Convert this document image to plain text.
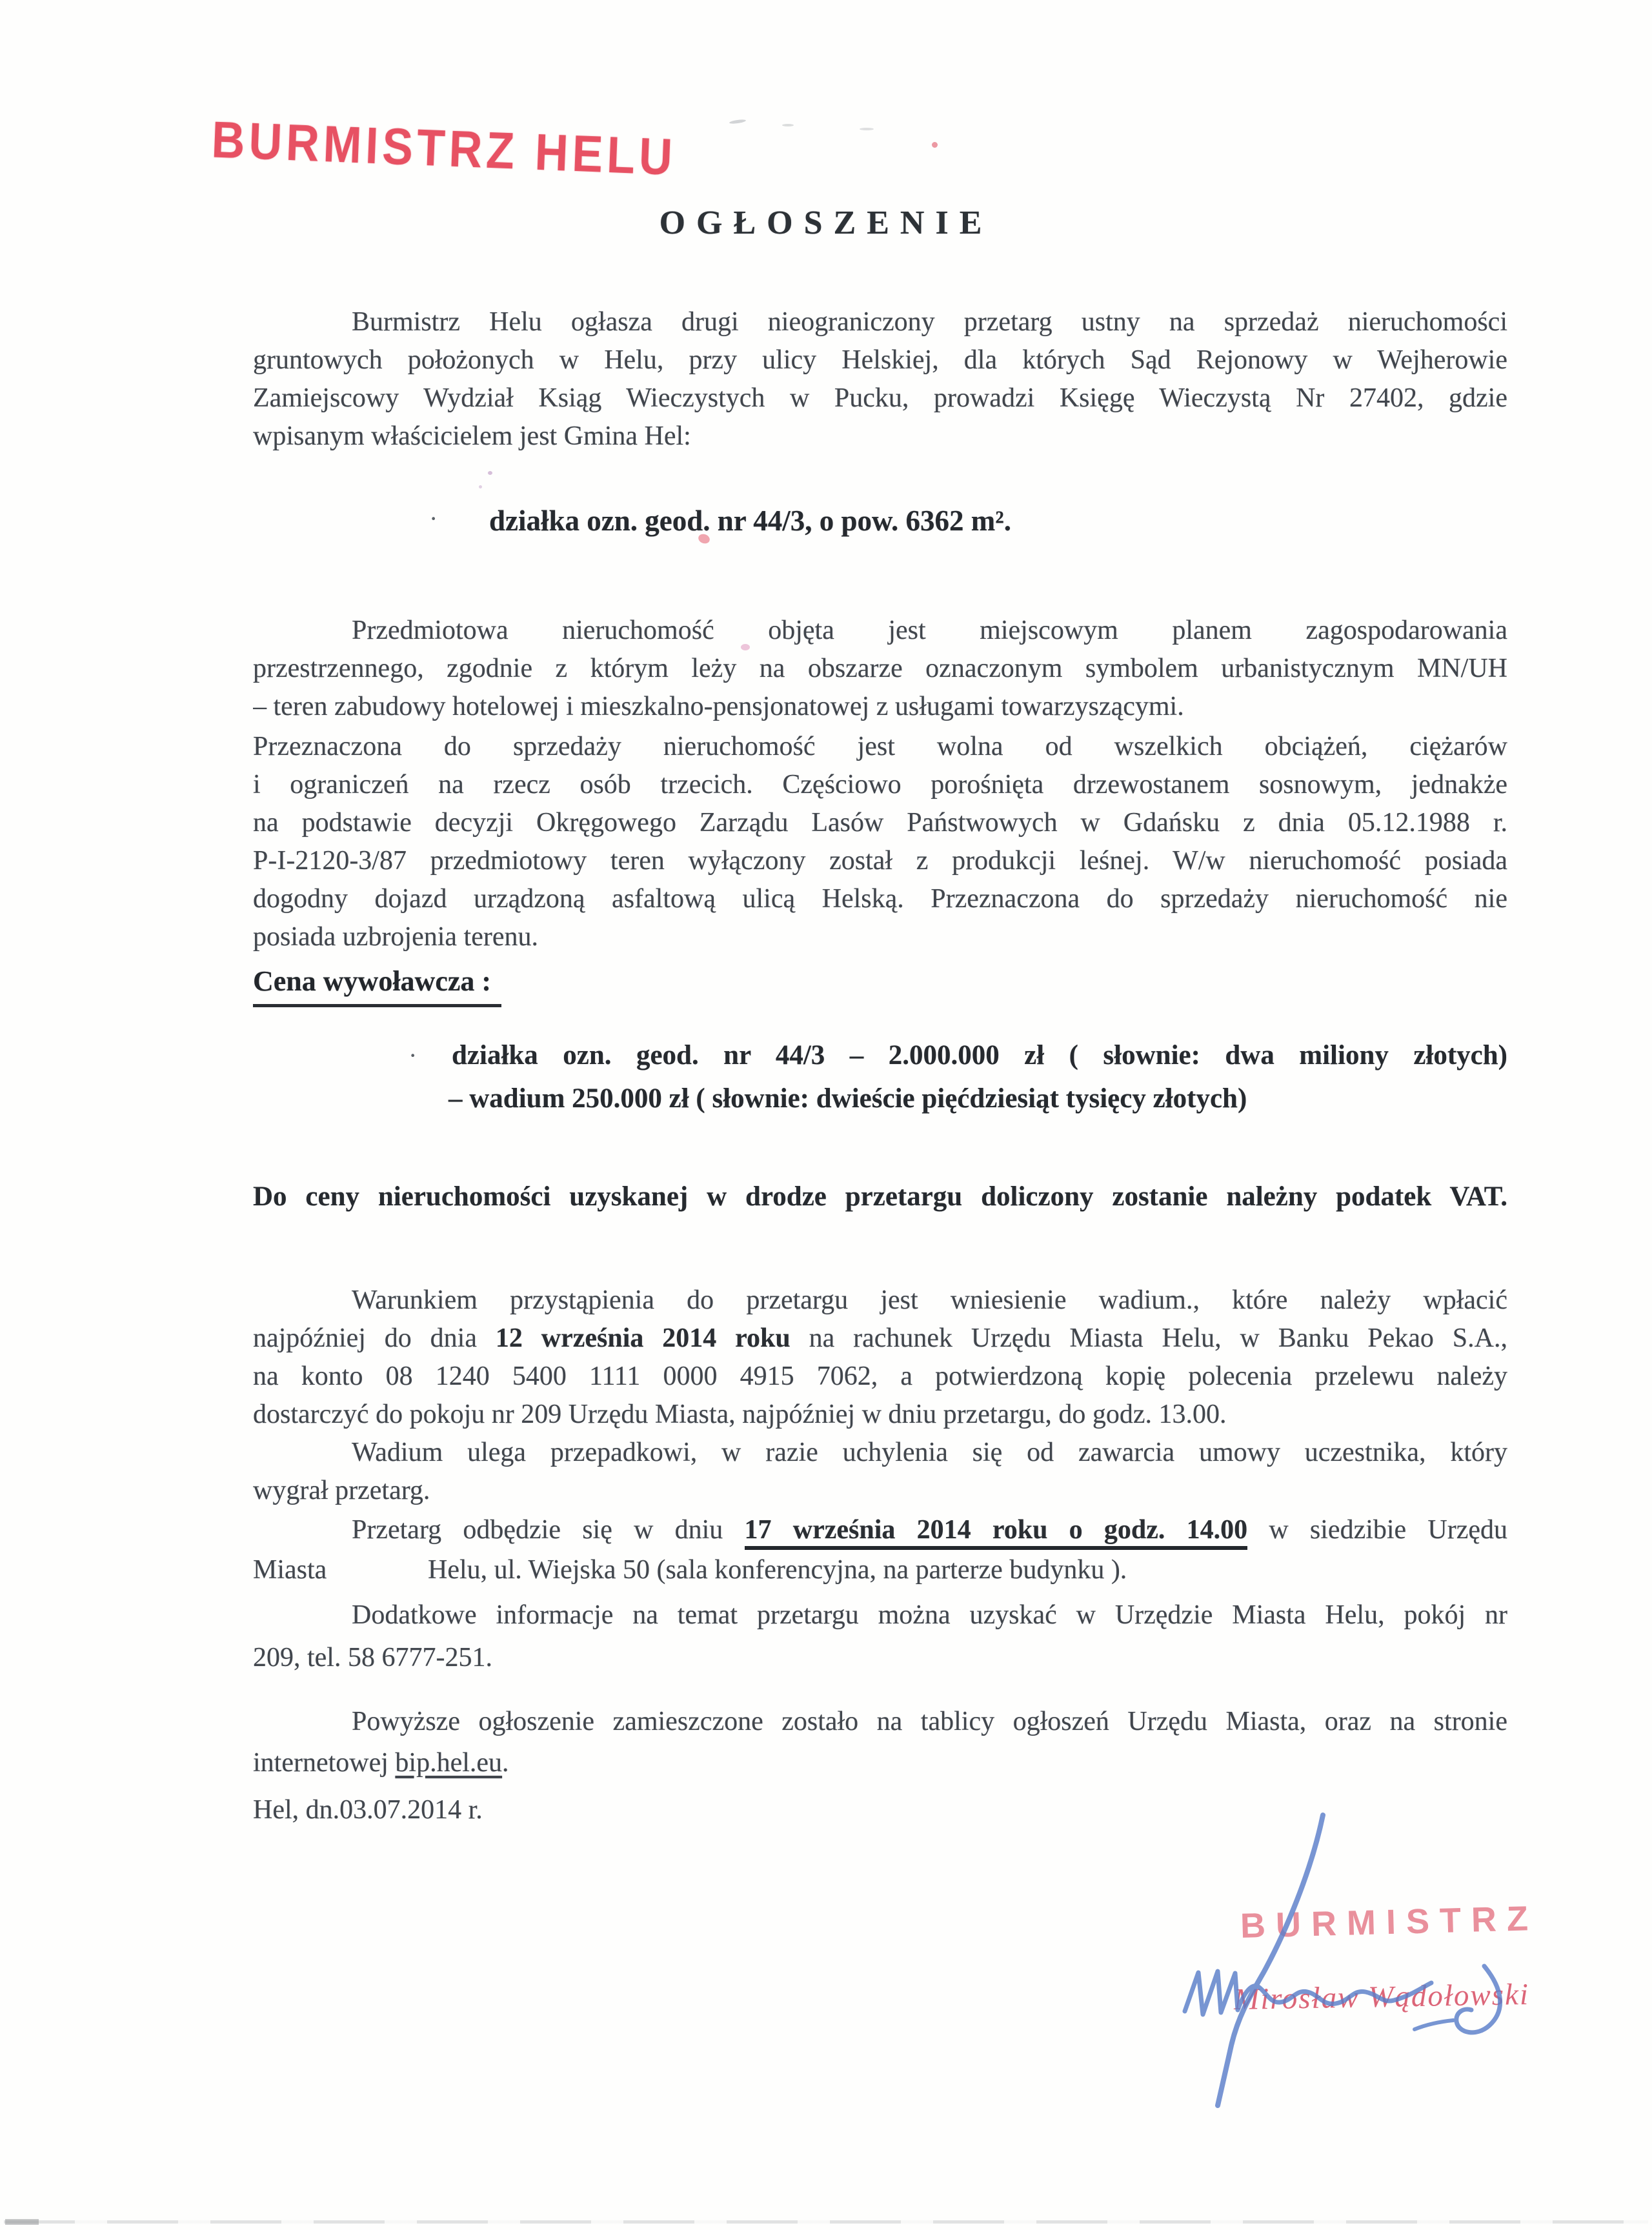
BURMISTRZ HELU
OGŁOSZENIE
Burmistrz Helu ogłasza drugi nieograniczony przetarg ustny na sprzedaż nieruchomości
gruntowych położonych w Helu, przy ulicy Helskiej, dla których Sąd Rejonowy w Wejherowie
Zamiejscowy Wydział Ksiąg Wieczystych w Pucku, prowadzi Księgę Wieczystą Nr 27402, gdzie
wpisanym właścicielem jest Gmina Hel:
·	działka ozn. geod. nr 44/3, o pow. 6362 m².
Przedmiotowa nieruchomość objęta jest miejscowym planem zagospodarowania
przestrzennego, zgodnie z którym leży na obszarze oznaczonym symbolem urbanistycznym MN/UH
– teren zabudowy hotelowej i mieszkalno-pensjonatowej z usługami towarzyszącymi.
Przeznaczona do sprzedaży nieruchomość jest wolna od wszelkich obciążeń, ciężarów
i ograniczeń na rzecz osób trzecich. Częściowo porośnięta drzewostanem sosnowym, jednakże
na podstawie decyzji Okręgowego Zarządu Lasów Państwowych w Gdańsku z dnia 05.12.1988 r.
P-I-2120-3/87 przedmiotowy teren wyłączony został z produkcji leśnej. W/w nieruchomość posiada
dogodny dojazd urządzoną asfaltową ulicą Helską. Przeznaczona do sprzedaży nieruchomość nie
posiada uzbrojenia terenu.
Cena wywoławcza :
·	działka ozn. geod. nr 44/3 – 2.000.000 zł ( słownie: dwa miliony złotych)
– wadium 250.000 zł ( słownie: dwieście pięćdziesiąt tysięcy złotych)
Do ceny nieruchomości uzyskanej w drodze przetargu doliczony zostanie należny podatek VAT.
Warunkiem przystąpienia do przetargu jest wniesienie wadium., które należy wpłacić
najpóźniej do dnia 12 września 2014 roku na rachunek Urzędu Miasta Helu, w Banku Pekao S.A.,
na konto 08 1240 5400 1111 0000 4915 7062, a potwierdzoną kopię polecenia przelewu należy
dostarczyć do pokoju nr 209 Urzędu Miasta, najpóźniej w dniu przetargu, do godz. 13.00.
Wadium ulega przepadkowi, w razie uchylenia się od zawarcia umowy uczestnika, który
wygrał przetarg.
Przetarg odbędzie się w dniu 17 września 2014 roku o godz. 14.00 w siedzibie Urzędu
Miasta	Helu, ul. Wiejska 50 (sala konferencyjna, na parterze budynku ).
Dodatkowe informacje na temat przetargu można uzyskać w Urzędzie Miasta Helu, pokój nr
209, tel. 58 6777-251.
Powyższe ogłoszenie zamieszczone zostało na tablicy ogłoszeń Urzędu Miasta, oraz na stronie
internetowej bip.hel.eu.
Hel, dn.03.07.2014 r.
BURMISTRZ
Mirosław Wądołowski
